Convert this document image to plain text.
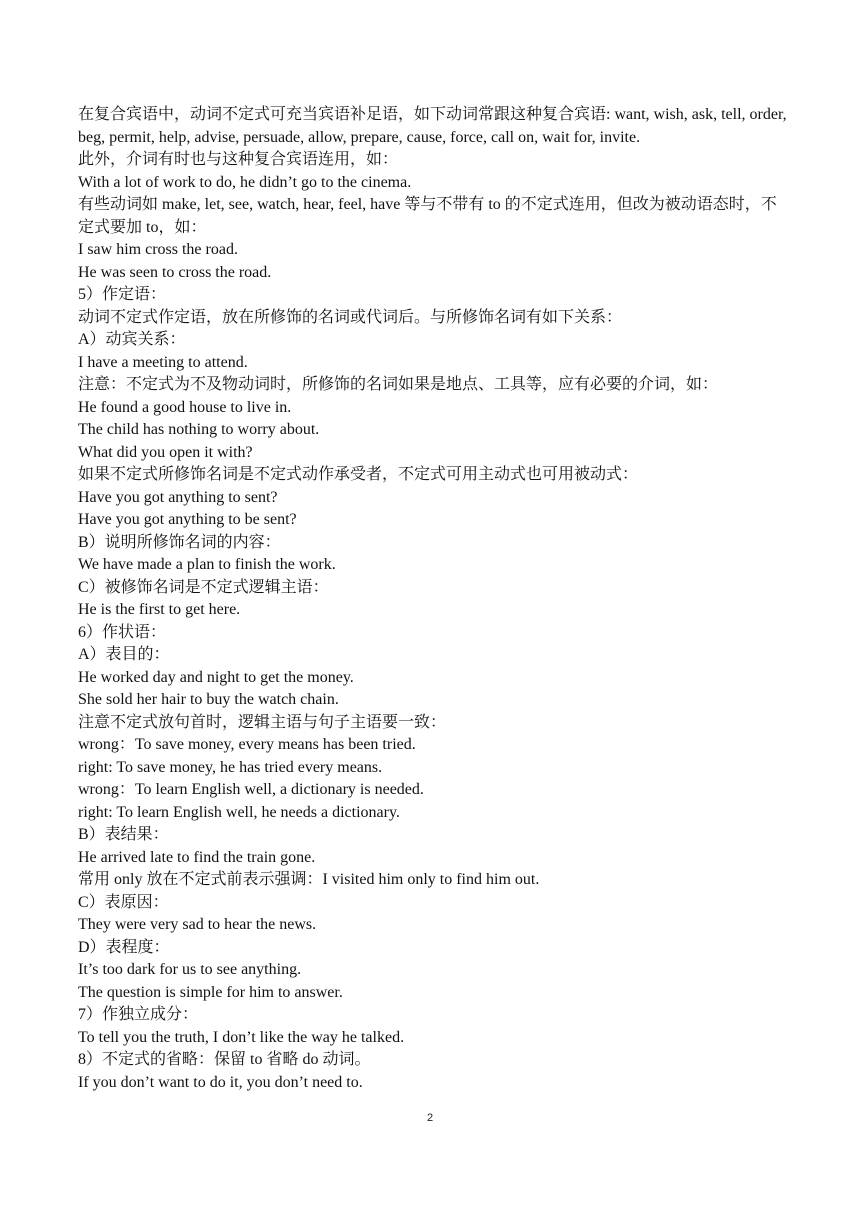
在复合宾语中，动词不定式可充当宾语补足语，如下动词常跟这种复合宾语: want, wish, ask, tell, order, beg, permit, help, advise, persuade, allow, prepare, cause, force, call on, wait for, invite.

此外，介词有时也与这种复合宾语连用，如：

With a lot of work to do, he didn’t go to the cinema.

有些动词如 make, let, see, watch, hear, feel, have 等与不带有 to 的不定式连用，但改为被动语态时，不定式要加 to，如：

I saw him cross the road.

He was seen to cross the road.

5）作定语：

动词不定式作定语，放在所修饰的名词或代词后。与所修饰名词有如下关系：

A）动宾关系：

I have a meeting to attend.

注意：不定式为不及物动词时，所修饰的名词如果是地点、工具等，应有必要的介词，如：

He found a good house to live in.

The child has nothing to worry about.

What did you open it with?

如果不定式所修饰名词是不定式动作承受者，不定式可用主动式也可用被动式：

Have you got anything to sent?

Have you got anything to be sent?

B）说明所修饰名词的内容：

We have made a plan to finish the work.

C）被修饰名词是不定式逻辑主语：

He is the first to get here.

6）作状语：

A）表目的：

He worked day and night to get the money.

She sold her hair to buy the watch chain.

注意不定式放句首时，逻辑主语与句子主语要一致：

wrong：To save money, every means has been tried.

right: To save money, he has tried every means.

wrong：To learn English well, a dictionary is needed.

right: To learn English well, he needs a dictionary.

B）表结果：

He arrived late to find the train gone.

常用 only 放在不定式前表示强调：I visited him only to find him out.

C）表原因：

They were very sad to hear the news.

D）表程度：

It’s too dark for us to see anything.

The question is simple for him to answer.

7）作独立成分：

To tell you the truth, I don’t like the way he talked.

8）不定式的省略：保留 to 省略 do 动词。

If you don’t want to do it, you don’t need to.

2
